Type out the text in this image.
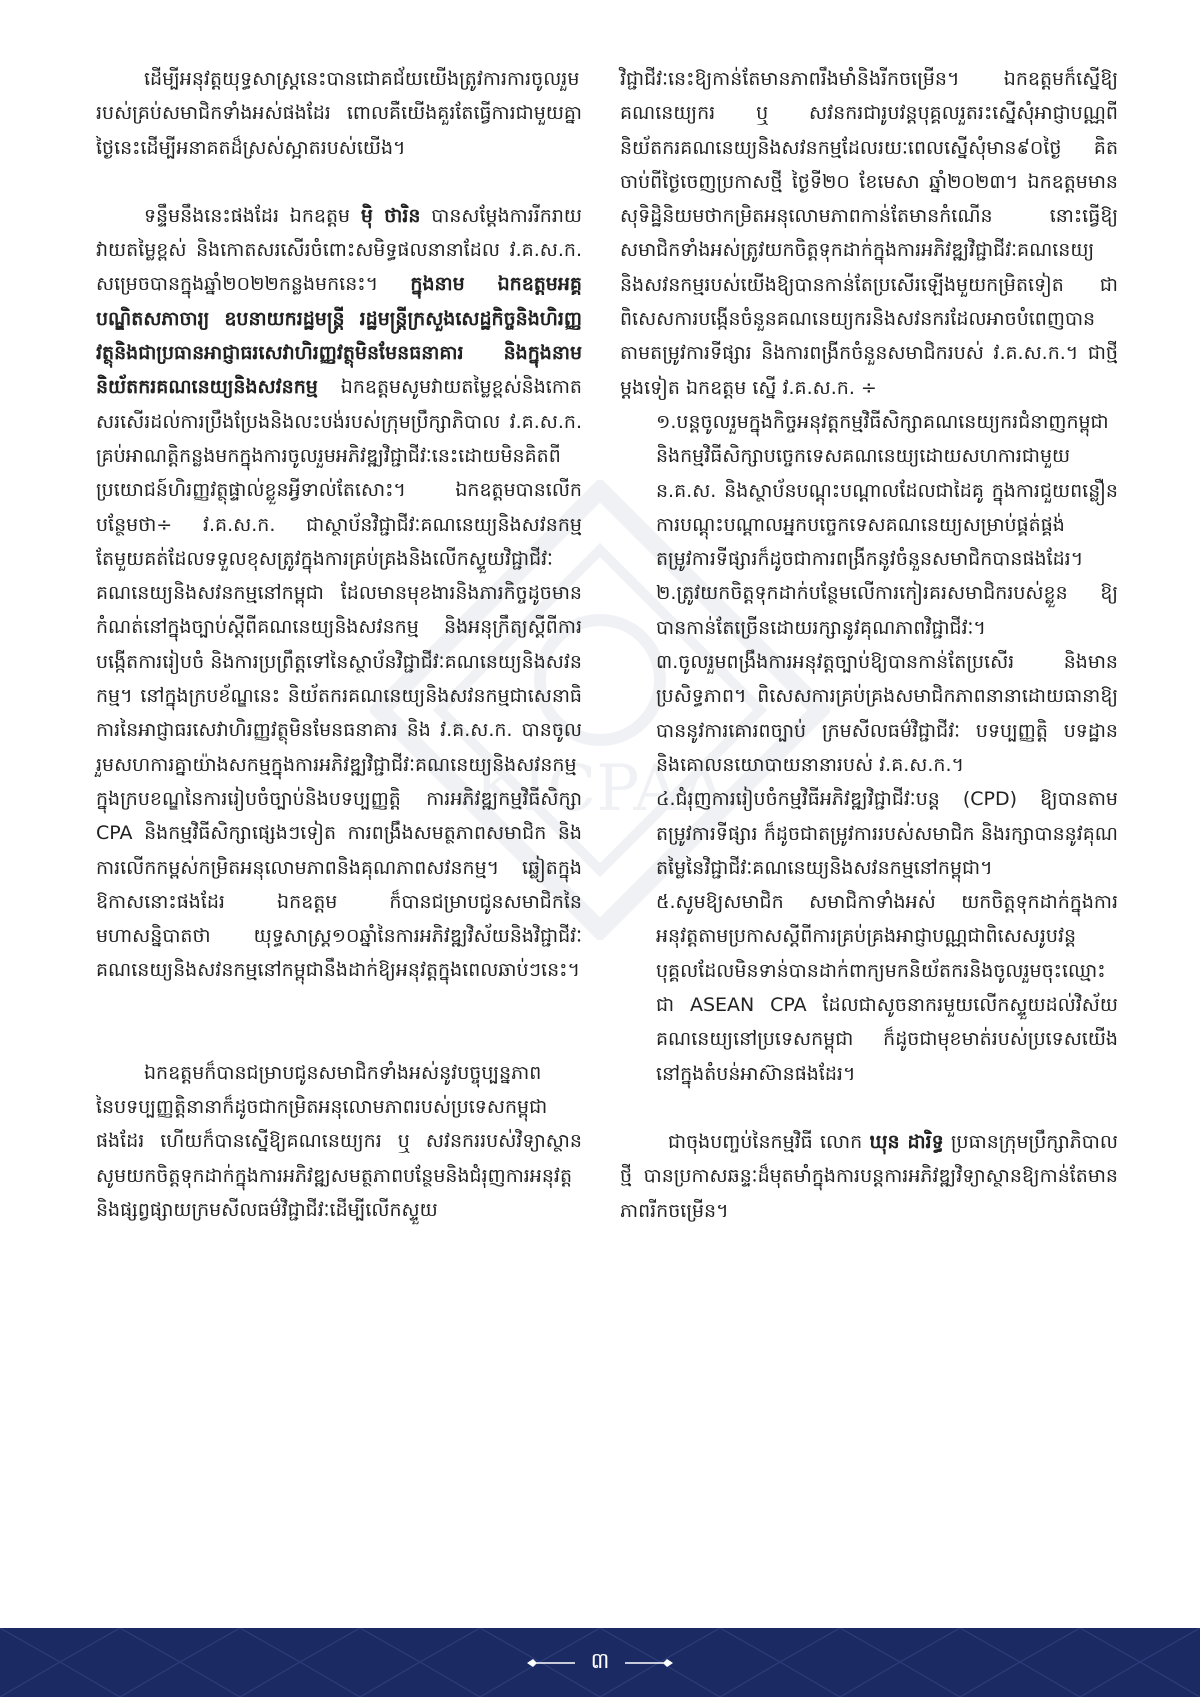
KICPAA

ដើម្បីអនុវត្តយុទ្ធសាស្ត្រនេះបានជោគជ័យយើងត្រូវការការចូលរួមរបស់គ្រប់សមាជិកទាំងអស់ផងដែរ ពោលគឺយើងគួរតែធ្វើការជាមួយគ្នាថ្ងៃនេះដើម្បីអនាគតដ៏ស្រស់ស្អាតរបស់យើង។

ទន្ទឹមនឹងនេះផងដែរ ឯកឧត្តម ម៉ិ ថារិន បានសម្តែងការរីករាយ វាយតម្លៃខ្ពស់ និងកោតសរសើរចំពោះសមិទ្ធផលនានាដែល វ.គ.ស.ក. សម្រេចបានក្នុងឆ្នាំ២០២២កន្លងមកនេះ។ ក្នុងនាម ឯកឧត្តមអគ្គបណ្ឌិតសភាចារ្យ ឧបនាយករដ្ឋមន្ត្រី រដ្ឋមន្ត្រីក្រសួងសេដ្ឋកិច្ចនិងហិរញ្ញវត្ថុនិងជាប្រធានអាជ្ញាធរសេវាហិរញ្ញវត្ថុមិនមែនធនាគារ និងក្នុងនាមនិយ័តករគណនេយ្យនិងសវនកម្ម ឯកឧត្តមសូមវាយតម្លៃខ្ពស់និងកោតសរសើរដល់ការប្រឹងប្រែងនិងលះបង់របស់ក្រុមប្រឹក្សាភិបាល វ.គ.ស.ក. គ្រប់អាណត្តិកន្លងមកក្នុងការចូលរួមអភិវឌ្ឍវិជ្ជាជីវៈនេះដោយមិនគិតពីប្រយោជន៍ហិរញ្ញវត្ថុផ្ទាល់ខ្លួនអ្វីទាល់តែសោះ។ ឯកឧត្តមបានលើកបន្ថែមថា÷ វ.គ.ស.ក. ជាស្ថាប័នវិជ្ជាជីវៈគណនេយ្យនិងសវនកម្មតែមួយគត់ដែលទទួលខុសត្រូវក្នុងការគ្រប់គ្រងនិងលើកស្ទួយវិជ្ជាជីវៈគណនេយ្យនិងសវនកម្មនៅកម្ពុជា ដែលមានមុខងារនិងភារកិច្ចដូចមានកំណត់នៅក្នុងច្បាប់ស្តីពីគណនេយ្យនិងសវនកម្ម និងអនុក្រឹត្យស្តីពីការបង្កើតការរៀបចំ និងការប្រព្រឹត្តទៅនៃស្ថាប័នវិជ្ជាជីវៈគណនេយ្យនិងសវនកម្ម។ នៅក្នុងក្របខ័ណ្ឌនេះ និយ័តករគណនេយ្យនិងសវនកម្មជាសេនាធិការនៃអាជ្ញាធរសេវាហិរញ្ញវត្ថុមិនមែនធនាគារ និង វ.គ.ស.ក. បានចូលរួមសហការគ្នាយ៉ាងសកម្មក្នុងការអភិវឌ្ឍវិជ្ជាជីវៈគណនេយ្យនិងសវនកម្ម ក្នុងក្របខណ្ឌនៃការរៀបចំច្បាប់និងបទប្បញ្ញត្តិ ការអភិវឌ្ឍកម្មវិធីសិក្សា CPA និងកម្មវិធីសិក្សាផ្សេងៗទៀត ការពង្រឹងសមត្ថភាពសមាជិក និងការលើកកម្ពស់កម្រិតអនុលោមភាពនិងគុណភាពសវនកម្ម។ ឆ្លៀតក្នុងឱកាសនោះផងដែរ ឯកឧត្តម ក៏បានជម្រាបជូនសមាជិកនៃមហាសន្និបាតថា យុទ្ធសាស្ត្រ១០ឆ្នាំនៃការអភិវឌ្ឍវិស័យនិងវិជ្ជាជីវៈគណនេយ្យនិងសវនកម្មនៅកម្ពុជានឹងដាក់ឱ្យអនុវត្តក្នុងពេលឆាប់ៗនេះ។

ឯកឧត្តមក៏បានជម្រាបជូនសមាជិកទាំងអស់នូវបច្ចុប្បន្នភាពនៃបទប្បញ្ញត្តិនានាក៏ដូចជាកម្រិតអនុលោមភាពរបស់ប្រទេសកម្ពុជាផងដែរ ហើយក៏បានស្នើឱ្យគណនេយ្យករ ឬ សវនកររបស់វិទ្យាស្ថានសូមយកចិត្តទុកដាក់ក្នុងការអភិវឌ្ឍសមត្ថភាពបន្ថែមនិងជំរុញការអនុវត្តនិងផ្សព្វផ្សាយក្រមសីលធម៌វិជ្ជាជីវៈដើម្បីលើកស្ទួយ

វិជ្ជាជីវៈនេះឱ្យកាន់តែមានភាពរឹងមាំនិងរីកចម្រើន។ ឯកឧត្តមក៏ស្នើឱ្យគណនេយ្យករ ឬ សវនករជារូបវន្តបុគ្គលរួតរះស្នើសុំអាជ្ញាបណ្ណពីនិយ័តករគណនេយ្យនិងសវនកម្មដែលរយៈពេលស្នើសុំមាន៩០ថ្ងៃ គិតចាប់ពីថ្ងៃចេញប្រកាសថ្មី ថ្ងៃទី២០ ខែមេសា ឆ្នាំ២០២៣។ ឯកឧត្តមមានសុទិដ្ឋិនិយមថាកម្រិតអនុលោមភាពកាន់តែមានកំណើន នោះធ្វើឱ្យសមាជិកទាំងអស់ត្រូវយកចិត្តទុកដាក់ក្នុងការអភិវឌ្ឍវិជ្ជាជីវៈគណនេយ្យនិងសវនកម្មរបស់យើងឱ្យបានកាន់តែប្រសើរឡើងមួយកម្រិតទៀត ជាពិសេសការបង្កើនចំនួនគណនេយ្យករនិងសវនករដែលអាចបំពេញបានតាមតម្រូវការទីផ្សារ និងការពង្រីកចំនួនសមាជិករបស់ វ.គ.ស.ក.។ ជាថ្មីម្តងទៀត ឯកឧត្តម ស្នើ វ.គ.ស.ក. ÷

១.បន្តចូលរួមក្នុងកិច្ចអនុវត្តកម្មវិធីសិក្សាគណនេយ្យករជំនាញកម្ពុជានិងកម្មវិធីសិក្សាបច្ចេកទេសគណនេយ្យដោយសហការជាមួយ ន.គ.ស. និងស្ថាប័នបណ្តុះបណ្តាលដែលជាដៃគូ ក្នុងការជួយពន្លឿនការបណ្តុះបណ្តាលអ្នកបច្ចេកទេសគណនេយ្យសម្រាប់ផ្គត់ផ្គង់តម្រូវការទីផ្សារក៏ដូចជាការពង្រីកនូវចំនួនសមាជិកបានផងដែរ។
២.ត្រូវយកចិត្តទុកដាក់បន្ថែមលើការកៀរគរសមាជិករបស់ខ្លួន ឱ្យបានកាន់តែច្រើនដោយរក្សានូវគុណភាពវិជ្ជាជីវៈ។
៣.ចូលរួមពង្រឹងការអនុវត្តច្បាប់ឱ្យបានកាន់តែប្រសើរ និងមានប្រសិទ្ធភាព។ ពិសេសការគ្រប់គ្រងសមាជិកភាពនានាដោយធានាឱ្យបាននូវការគោរពច្បាប់ ក្រមសីលធម៌វិជ្ជាជីវៈ បទប្បញ្ញត្តិ បទដ្ឋាន និងគោលនយោបាយនានារបស់ វ.គ.ស.ក.។
៤.ជំរុញការរៀបចំកម្មវិធីអភិវឌ្ឍវិជ្ជាជីវៈបន្ត (CPD) ឱ្យបានតាមតម្រូវការទីផ្សារ ក៏ដូចជាតម្រូវការរបស់សមាជិក និងរក្សាបាននូវគុណតម្លៃនៃវិជ្ជាជីវៈគណនេយ្យនិងសវនកម្មនៅកម្ពុជា។
៥.សូមឱ្យសមាជិក សមាជិកាទាំងអស់ យកចិត្តទុកដាក់ក្នុងការអនុវត្តតាមប្រកាសស្តីពីការគ្រប់គ្រងអាជ្ញាបណ្ណជាពិសេសរូបវន្តបុគ្គលដែលមិនទាន់បានដាក់ពាក្យមកនិយ័តករនិងចូលរួមចុះឈ្មោះជា ASEAN CPA ដែលជាសូចនាករមួយលើកស្ទួយដល់វិស័យគណនេយ្យនៅប្រទេសកម្ពុជា ក៏ដូចជាមុខមាត់របស់ប្រទេសយើងនៅក្នុងតំបន់អាស៊ានផងដែរ។

ជាចុងបញ្ចប់នៃកម្មវិធី លោក ឃុន ដារិទ្ធ ប្រធានក្រុមប្រឹក្សាភិបាលថ្មី បានប្រកាសឆន្ទៈដ៏មុតមាំក្នុងការបន្តការអភិវឌ្ឍវិទ្យាស្ថានឱ្យកាន់តែមានភាពរីកចម្រើន។

៣
